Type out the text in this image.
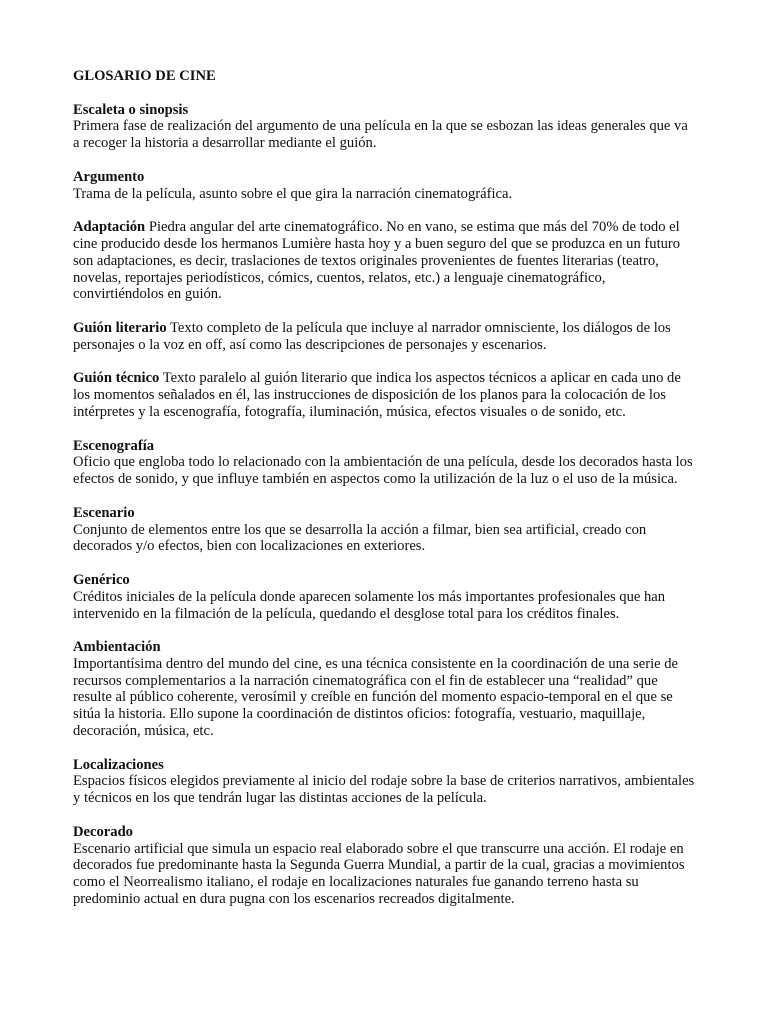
GLOSARIO DE CINE
Escaleta o sinopsis
Primera fase de realización del argumento de una película en la que se esbozan las ideas generales que va a recoger la historia a desarrollar mediante el guión.
Argumento
Trama de la película, asunto sobre el que gira la narración cinematográfica.
Adaptación Piedra angular del arte cinematográfico. No en vano, se estima que más del 70% de todo el cine producido desde los hermanos Lumière hasta hoy y a buen seguro del que se produzca en un futuro son adaptaciones, es decir, traslaciones de textos originales provenientes de fuentes literarias (teatro, novelas, reportajes periodísticos, cómics, cuentos, relatos, etc.) a lenguaje cinematográfico, convirtiéndolos en guión.
Guión literario Texto completo de la película que incluye al narrador omnisciente, los diálogos de los personajes o la voz en off, así como las descripciones de personajes y escenarios.
Guión técnico Texto paralelo al guión literario que indica los aspectos técnicos a aplicar en cada uno de los momentos señalados en él, las instrucciones de disposición de los planos para la colocación de los intérpretes y la escenografía, fotografía, iluminación, música, efectos visuales o de sonido, etc.
Escenografía
Oficio que engloba todo lo relacionado con la ambientación de una película, desde los decorados hasta los efectos de sonido, y que influye también en aspectos como la utilización de la luz o el uso de la música.
Escenario
Conjunto de elementos entre los que se desarrolla la acción a filmar, bien sea artificial, creado con decorados y/o efectos, bien con localizaciones en exteriores.
Genérico
Créditos iniciales de la película donde aparecen solamente los más importantes profesionales que han intervenido en la filmación de la película, quedando el desglose total para los créditos finales.
Ambientación
Importantísima dentro del mundo del cine, es una técnica consistente en la coordinación de una serie de recursos complementarios a la narración cinematográfica con el fin de establecer una “realidad” que resulte al público coherente, verosímil y creíble en función del momento espacio-temporal en el que se sitúa la historia. Ello supone la coordinación de distintos oficios: fotografía, vestuario, maquillaje, decoración, música, etc.
Localizaciones
Espacios físicos elegidos previamente al inicio del rodaje sobre la base de criterios narrativos, ambientales y técnicos en los que tendrán lugar las distintas acciones de la película.
Decorado
Escenario artificial que simula un espacio real elaborado sobre el que transcurre una acción. El rodaje en decorados fue predominante hasta la Segunda Guerra Mundial, a partir de la cual, gracias a movimientos como el Neorrealismo italiano, el rodaje en localizaciones naturales fue ganando terreno hasta su predominio actual en dura pugna con los escenarios recreados digitalmente.
